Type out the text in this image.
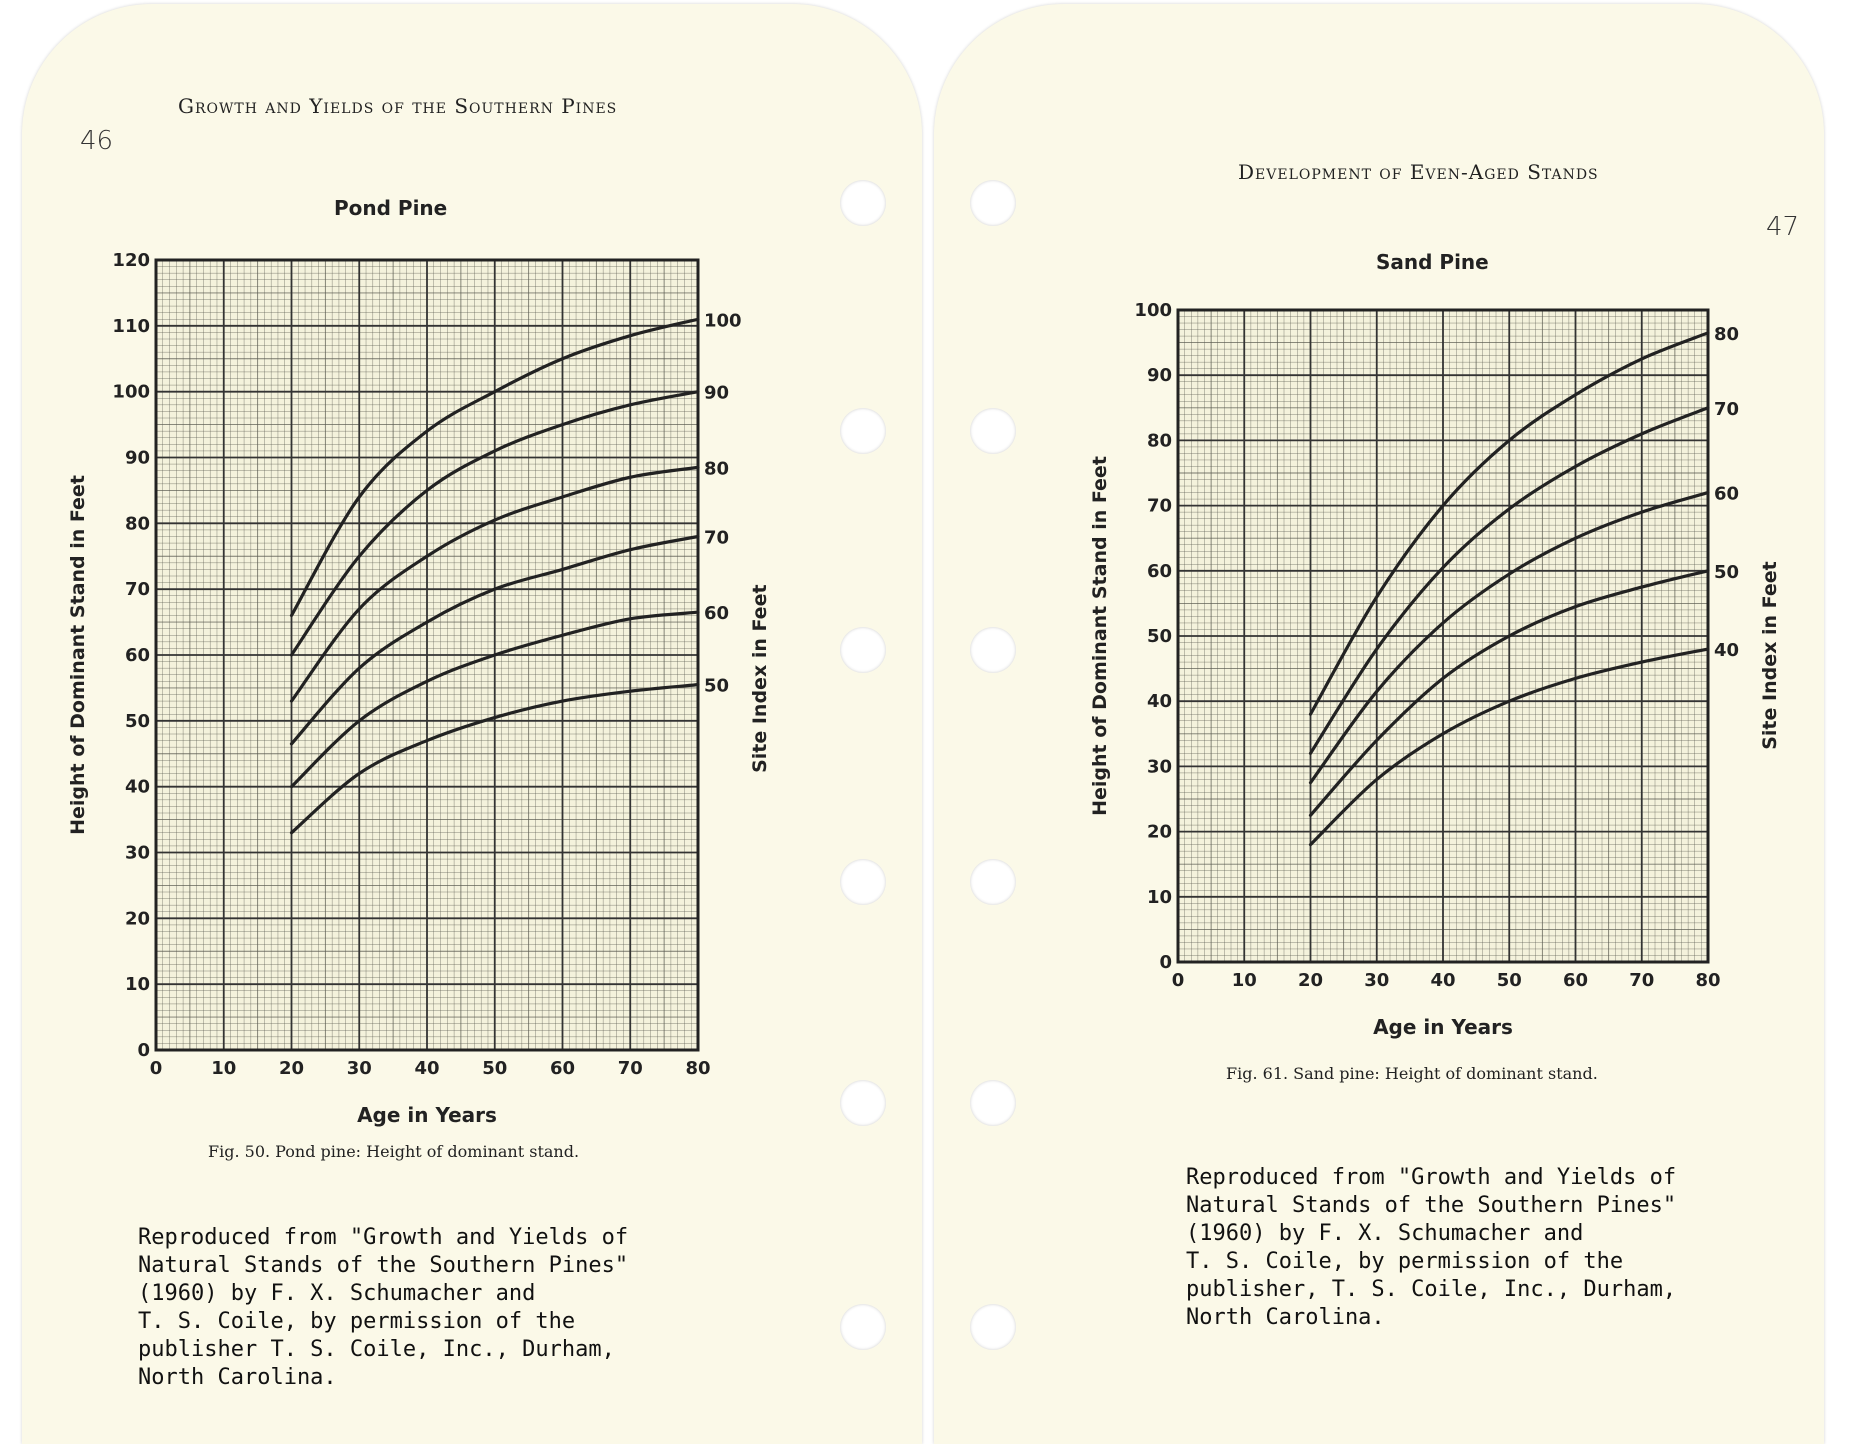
Growth and Yields of the Southern Pines
46
Pond Pine
Fig. 50. Pond pine: Height of dominant stand.
Reproduced from "Growth and Yields of
Natural Stands of the Southern Pines"
(1960) by F. X. Schumacher and
T. S. Coile, by permission of the
publisher T. S. Coile, Inc., Durham,
North Carolina.
Development of Even-Aged Stands
47
Sand Pine
Fig. 61. Sand pine: Height of dominant stand.
Reproduced from "Growth and Yields of
Natural Stands of the Southern Pines"
(1960) by F. X. Schumacher and
T. S. Coile, by permission of the
publisher, T. S. Coile, Inc., Durham,
North Carolina.
0	10 20 30 40 50 60 70 80
0
10
20
30
40
50
60
70
80
90
100
110
120
Age in Years
Height of Dominant Stand in Feet	Site Index in Feet
100
90
80
70
60
50
0	10 20 30 40 50 60 70 80
0
10
20
30
40
50
60
70
80
90
100
Age in Years
Height of Dominant Stand in Feet	Site Index in Feet
80
70
60
50
40
